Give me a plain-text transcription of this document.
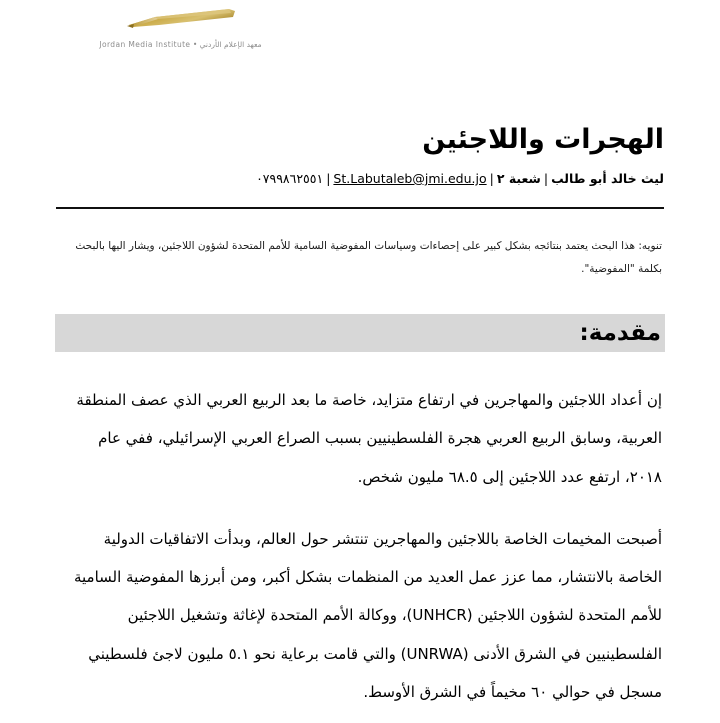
معهد الإعلام الأردني • Jordan Media Institute
الهجرات واللاجئين
ليث خالد أبو طالب|شعبة ٢|St.Labutaleb@jmi.edu.jo|٠٧٩٩٨٦٢٥٥١

تنويه: هذا البحث يعتمد بنتائجه بشكل كبير على إحصاءات وسياسات المفوضية السامية للأمم المتحدة لشؤون اللاجئين، ويشار اليها بالبحث بكلمة "المفوضية".

مقدمة:

إن أعداد اللاجئين والمهاجرين في ارتفاع متزايد، خاصة ما بعد الربيع العربي الذي عصف المنطقة العربية، وسابق الربيع العربي هجرة الفلسطينيين بسبب الصراع العربي الإسرائيلي، ففي عام ٢٠١٨، ارتفع عدد اللاجئين إلى ٦٨.٥ مليون شخص.

أصبحت المخيمات الخاصة باللاجئين والمهاجرين تنتشر حول العالم، وبدأت الاتفاقيات الدولية الخاصة بالانتشار، مما عزز عمل العديد من المنظمات بشكل أكبر، ومن أبرزها المفوضية السامية للأمم المتحدة لشؤون اللاجئين (UNHCR)، ووكالة الأمم المتحدة لإغاثة وتشغيل اللاجئين الفلسطينيين في الشرق الأدنى (UNRWA) والتي قامت برعاية نحو ٥.١ مليون لاجئ فلسطيني مسجل في حوالي ٦٠ مخيماً في الشرق الأوسط.
